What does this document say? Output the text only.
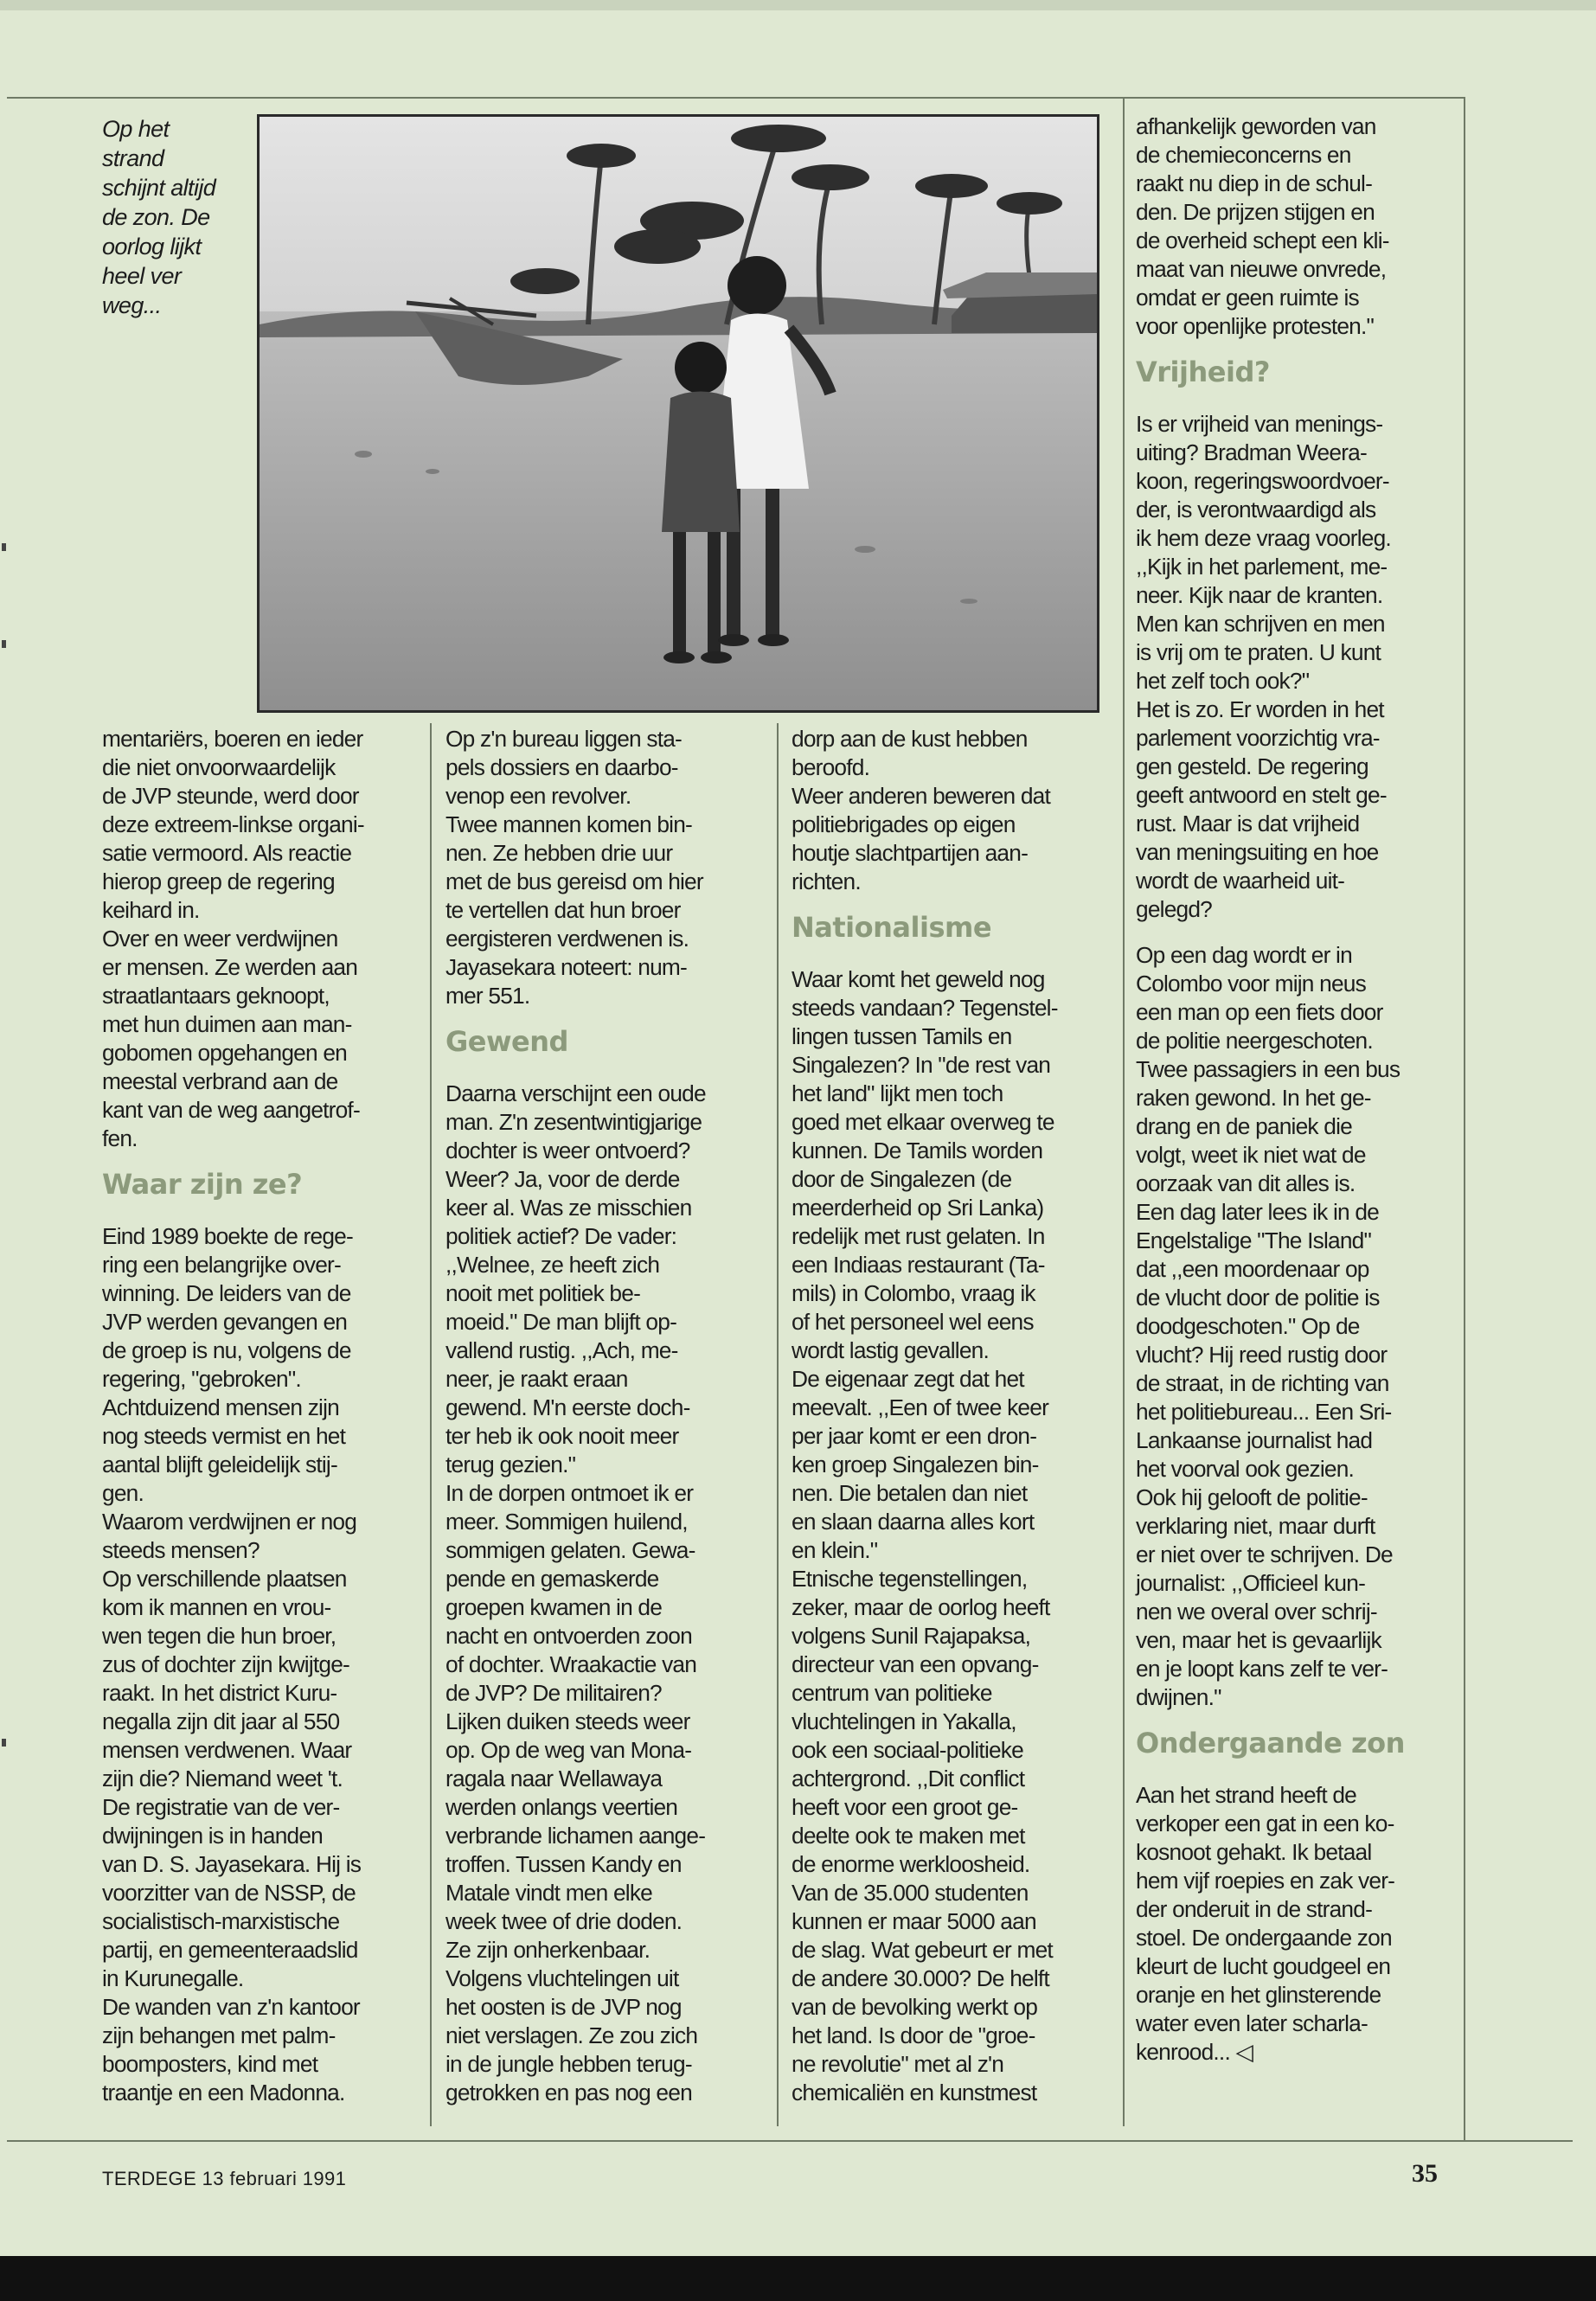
Op het
strand
schijnt altijd
de zon. De
oorlog lijkt
heel ver
weg...

mentariërs, boeren en ieder
die niet onvoorwaardelijk
de JVP steunde, werd door
deze extreem-linkse organi-
satie vermoord. Als reactie
hierop greep de regering
keihard in.
Over en weer verdwijnen
er mensen. Ze werden aan
straatlantaars geknoopt,
met hun duimen aan man-
gobomen opgehangen en
meestal verbrand aan de
kant van de weg aangetrof-
fen.
Waar zijn ze?
Eind 1989 boekte de rege-
ring een belangrijke over-
winning. De leiders van de
JVP werden gevangen en
de groep is nu, volgens de
regering, "gebroken".
Achtduizend mensen zijn
nog steeds vermist en het
aantal blijft geleidelijk stij-
gen.
Waarom verdwijnen er nog
steeds mensen?
Op verschillende plaatsen
kom ik mannen en vrou-
wen tegen die hun broer,
zus of dochter zijn kwijtge-
raakt. In het district Kuru-
negalla zijn dit jaar al 550
mensen verdwenen. Waar
zijn die? Niemand weet 't.
De registratie van de ver-
dwijningen is in handen
van D. S. Jayasekara. Hij is
voorzitter van de NSSP, de
socialistisch-marxistische
partij, en gemeenteraadslid
in Kurunegalle.
De wanden van z'n kantoor
zijn behangen met palm-
boomposters, kind met
traantje en een Madonna.
Op z'n bureau liggen sta-
pels dossiers en daarbo-
venop een revolver.
Twee mannen komen bin-
nen. Ze hebben drie uur
met de bus gereisd om hier
te vertellen dat hun broer
eergisteren verdwenen is.
Jayasekara noteert: num-
mer 551.
Gewend
Daarna verschijnt een oude
man. Z'n zesentwintigjarige
dochter is weer ontvoerd?
Weer? Ja, voor de derde
keer al. Was ze misschien
politiek actief? De vader:
,,Welnee, ze heeft zich
nooit met politiek be-
moeid." De man blijft op-
vallend rustig. ,,Ach, me-
neer, je raakt eraan
gewend. M'n eerste doch-
ter heb ik ook nooit meer
terug gezien."
In de dorpen ontmoet ik er
meer. Sommigen huilend,
sommigen gelaten. Gewa-
pende en gemaskerde
groepen kwamen in de
nacht en ontvoerden zoon
of dochter. Wraakactie van
de JVP? De militairen?
Lijken duiken steeds weer
op. Op de weg van Mona-
ragala naar Wellawaya
werden onlangs veertien
verbrande lichamen aange-
troffen. Tussen Kandy en
Matale vindt men elke
week twee of drie doden.
Ze zijn onherkenbaar.
Volgens vluchtelingen uit
het oosten is de JVP nog
niet verslagen. Ze zou zich
in de jungle hebben terug-
getrokken en pas nog een
dorp aan de kust hebben
beroofd.
Weer anderen beweren dat
politiebrigades op eigen
houtje slachtpartijen aan-
richten.
Nationalisme
Waar komt het geweld nog
steeds vandaan? Tegenstel-
lingen tussen Tamils en
Singalezen? In "de rest van
het land" lijkt men toch
goed met elkaar overweg te
kunnen. De Tamils worden
door de Singalezen (de
meerderheid op Sri Lanka)
redelijk met rust gelaten. In
een Indiaas restaurant (Ta-
mils) in Colombo, vraag ik
of het personeel wel eens
wordt lastig gevallen.
De eigenaar zegt dat het
meevalt. ,,Een of twee keer
per jaar komt er een dron-
ken groep Singalezen bin-
nen. Die betalen dan niet
en slaan daarna alles kort
en klein."
Etnische tegenstellingen,
zeker, maar de oorlog heeft
volgens Sunil Rajapaksa,
directeur van een opvang-
centrum van politieke
vluchtelingen in Yakalla,
ook een sociaal-politieke
achtergrond. ,,Dit conflict
heeft voor een groot ge-
deelte ook te maken met
de enorme werkloosheid.
Van de 35.000 studenten
kunnen er maar 5000 aan
de slag. Wat gebeurt er met
de andere 30.000? De helft
van de bevolking werkt op
het land. Is door de "groe-
ne revolutie" met al z'n
chemicaliën en kunstmest
afhankelijk geworden van
de chemieconcerns en
raakt nu diep in de schul-
den. De prijzen stijgen en
de overheid schept een kli-
maat van nieuwe onvrede,
omdat er geen ruimte is
voor openlijke protesten."
Vrijheid?
Is er vrijheid van menings-
uiting? Bradman Weera-
koon, regeringswoordvoer-
der, is verontwaardigd als
ik hem deze vraag voorleg.
,,Kijk in het parlement, me-
neer. Kijk naar de kranten.
Men kan schrijven en men
is vrij om te praten. U kunt
het zelf toch ook?"
Het is zo. Er worden in het
parlement voorzichtig vra-
gen gesteld. De regering
geeft antwoord en stelt ge-
rust. Maar is dat vrijheid
van meningsuiting en hoe
wordt de waarheid uit-
gelegd?
Op een dag wordt er in
Colombo voor mijn neus
een man op een fiets door
de politie neergeschoten.
Twee passagiers in een bus
raken gewond. In het ge-
drang en de paniek die
volgt, weet ik niet wat de
oorzaak van dit alles is.
Een dag later lees ik in de
Engelstalige "The Island"
dat ,,een moordenaar op
de vlucht door de politie is
doodgeschoten." Op de
vlucht? Hij reed rustig door
de straat, in de richting van
het politiebureau... Een Sri-
Lankaanse journalist had
het voorval ook gezien.
Ook hij gelooft de politie-
verklaring niet, maar durft
er niet over te schrijven. De
journalist: ,,Officieel kun-
nen we overal over schrij-
ven, maar het is gevaarlijk
en je loopt kans zelf te ver-
dwijnen."
Ondergaande zon
Aan het strand heeft de
verkoper een gat in een ko-
kosnoot gehakt. Ik betaal
hem vijf roepies en zak ver-
der onderuit in de strand-
stoel. De ondergaande zon
kleurt de lucht goudgeel en
oranje en het glinsterende
water even later scharla-
kenrood... ◁

TERDEGE 13 februari 1991	35
